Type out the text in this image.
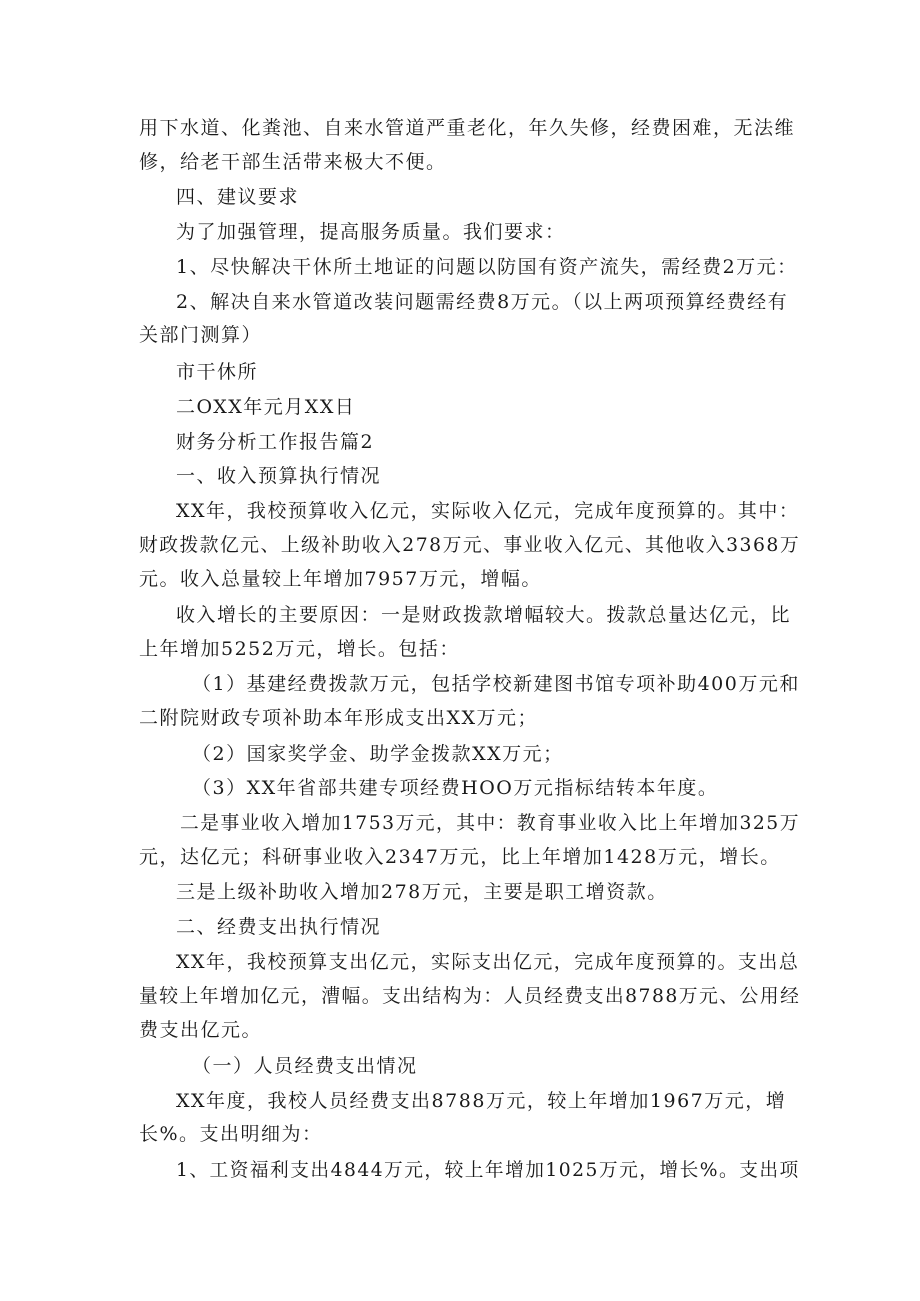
用下水道、化粪池、自来水管道严重老化，年久失修，经费困难，无法维

修，给老干部生活带来极大不便。

四、建议要求

为了加强管理，提高服务质量。我们要求：

1、尽快解决干休所土地证的问题以防国有资产流失，需经费2万元：

2、解决自来水管道改装问题需经费8万元。（以上两项预算经费经有

关部门测算）

市干休所

二OXX年元月XX日

财务分析工作报告篇2

一、收入预算执行情况

XX年，我校预算收入亿元，实际收入亿元，完成年度预算的。其中：

财政拨款亿元、上级补助收入278万元、事业收入亿元、其他收入3368万

元。收入总量较上年增加7957万元，增幅。

收入增长的主要原因：一是财政拨款增幅较大。拨款总量达亿元，比

上年增加5252万元，增长。包括：

（1）基建经费拨款万元，包括学校新建图书馆专项补助400万元和

二附院财政专项补助本年形成支出XX万元；

（2）国家奖学金、助学金拨款XX万元；

（3）XX年省部共建专项经费HOO万元指标结转本年度。

二是事业收入增加1753万元，其中：教育事业收入比上年增加325万

元，达亿元；科研事业收入2347万元，比上年增加1428万元，增长。

三是上级补助收入增加278万元，主要是职工增资款。

二、经费支出执行情况

XX年，我校预算支出亿元，实际支出亿元，完成年度预算的。支出总

量较上年增加亿元，漕幅。支出结构为：人员经费支出8788万元、公用经

费支出亿元。

（一）人员经费支出情况

XX年度，我校人员经费支出8788万元，较上年增加1967万元，增

长%。支出明细为：

1、工资福利支出4844万元，较上年增加1025万元，增长%。支出项
